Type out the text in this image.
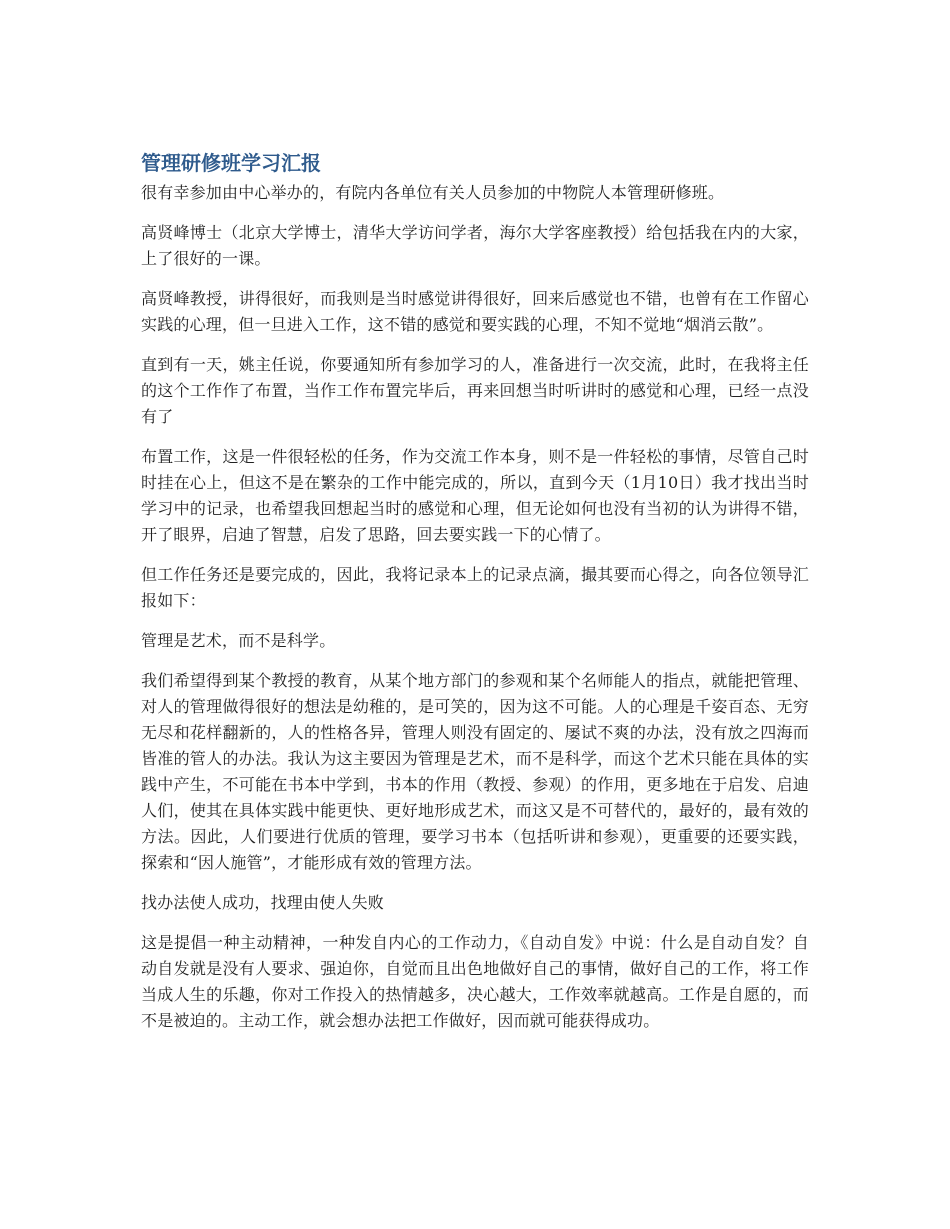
管理研修班学习汇报

很有幸参加由中心举办的，有院内各单位有关人员参加的中物院人本管理研修班。

高贤峰博士（北京大学博士，清华大学访问学者，海尔大学客座教授）给包括我在内的大家，上了很好的一课。

高贤峰教授，讲得很好，而我则是当时感觉讲得很好，回来后感觉也不错，也曾有在工作留心实践的心理，但一旦进入工作，这不错的感觉和要实践的心理，不知不觉地“烟消云散”。

直到有一天，姚主任说，你要通知所有参加学习的人，准备进行一次交流，此时，在我将主任的这个工作作了布置，当作工作布置完毕后，再来回想当时听讲时的感觉和心理，已经一点没有了

布置工作，这是一件很轻松的任务，作为交流工作本身，则不是一件轻松的事情，尽管自己时时挂在心上，但这不是在繁杂的工作中能完成的，所以，直到今天（1月10日）我才找出当时学习中的记录，也希望我回想起当时的感觉和心理，但无论如何也没有当初的认为讲得不错，开了眼界，启迪了智慧，启发了思路，回去要实践一下的心情了。

但工作任务还是要完成的，因此，我将记录本上的记录点滴，撮其要而心得之，向各位领导汇报如下：

管理是艺术，而不是科学。

我们希望得到某个教授的教育，从某个地方部门的参观和某个名师能人的指点，就能把管理、对人的管理做得很好的想法是幼稚的，是可笑的，因为这不可能。人的心理是千姿百态、无穷无尽和花样翻新的，人的性格各异，管理人则没有固定的、屡试不爽的办法，没有放之四海而皆准的管人的办法。我认为这主要因为管理是艺术，而不是科学，而这个艺术只能在具体的实践中产生，不可能在书本中学到，书本的作用（教授、参观）的作用，更多地在于启发、启迪人们，使其在具体实践中能更快、更好地形成艺术，而这又是不可替代的，最好的，最有效的方法。因此，人们要进行优质的管理，要学习书本（包括听讲和参观），更重要的还要实践，探索和“因人施管”，才能形成有效的管理方法。

找办法使人成功，找理由使人失败

这是提倡一种主动精神，一种发自内心的工作动力，《自动自发》中说：什么是自动自发？自动自发就是没有人要求、强迫你，自觉而且出色地做好自己的事情，做好自己的工作，将工作当成人生的乐趣，你对工作投入的热情越多，决心越大，工作效率就越高。工作是自愿的，而不是被迫的。主动工作，就会想办法把工作做好，因而就可能获得成功。
